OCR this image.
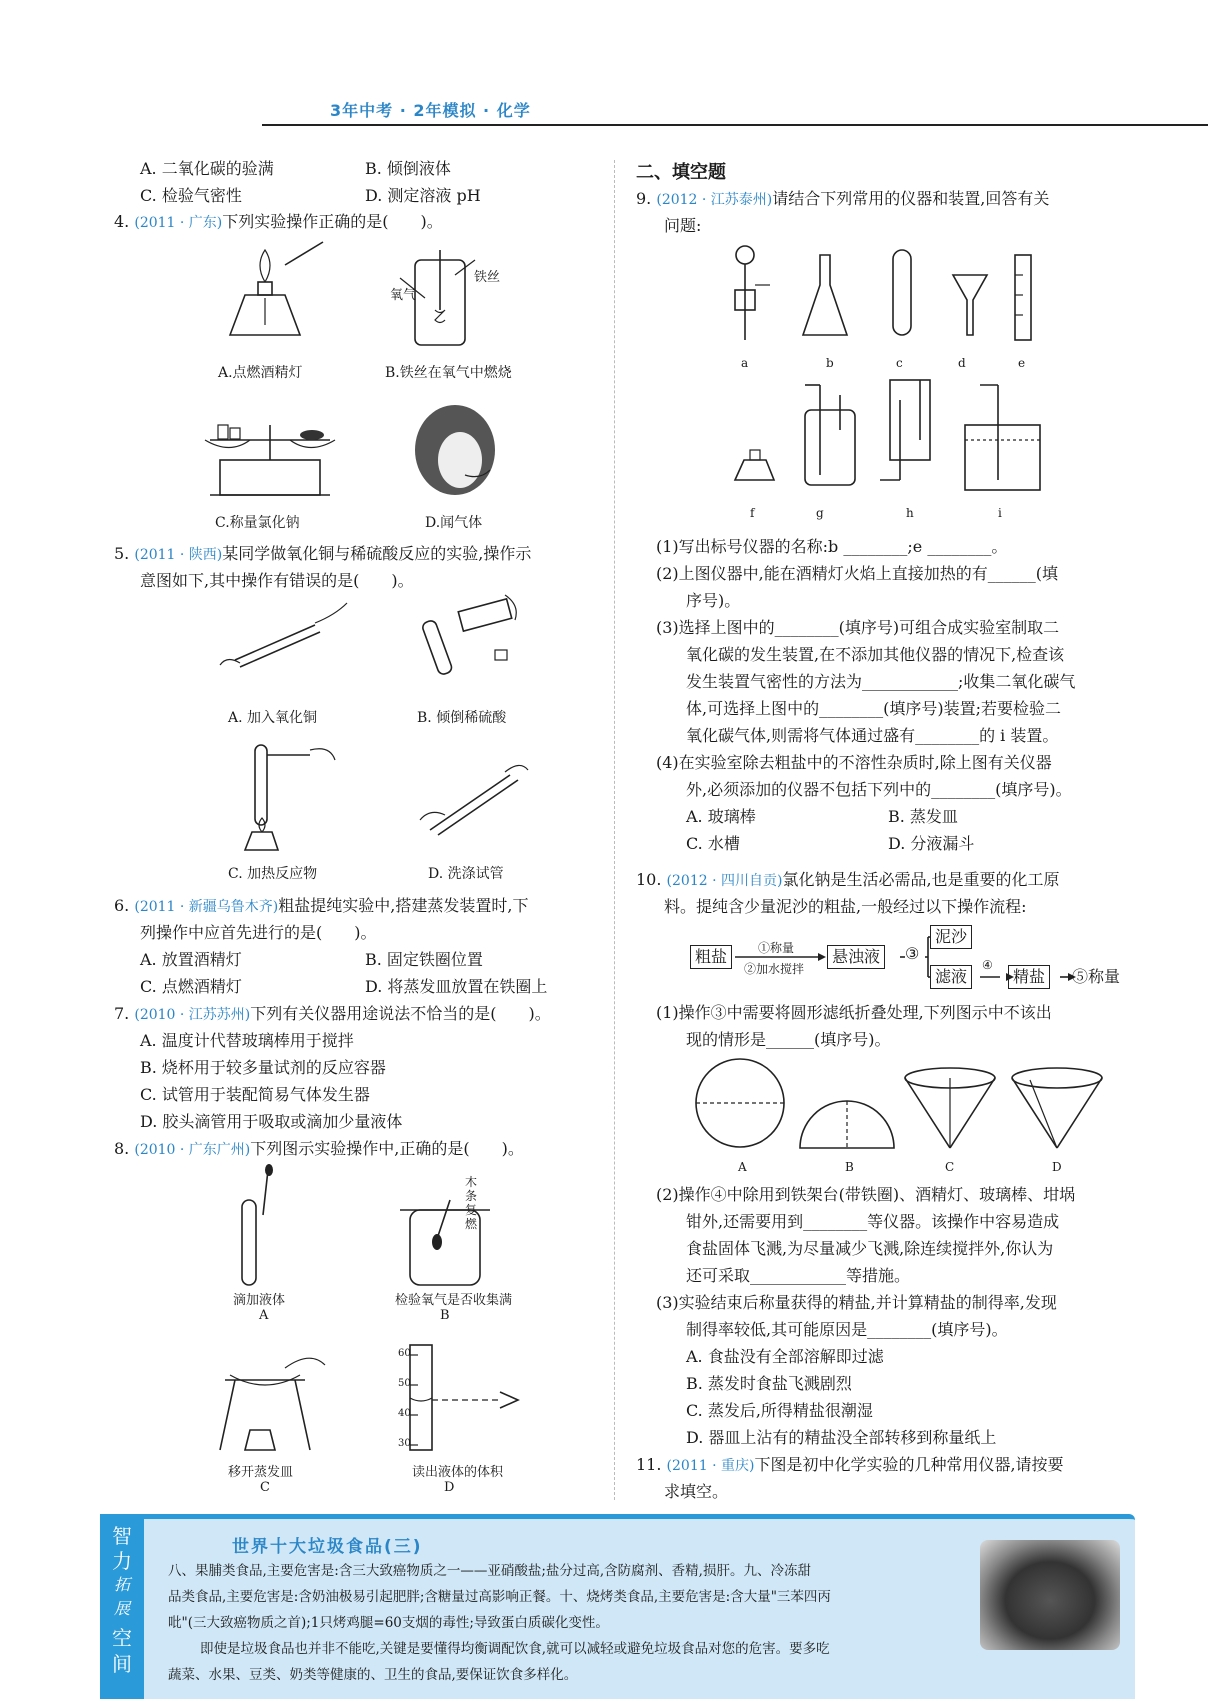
3年中考 · 2年模拟 · 化学
A. 二氧化碳的验满	B. 倾倒液体
C. 检验气密性	D. 测定溶液 pH
4. (2011 · 广东)下列实验操作正确的是(　　)。
氧气
铁丝
A.点燃酒精灯	B.铁丝在氧气中燃烧
C.称量氯化钠	D.闻气体
5. (2011 · 陕西)某同学做氧化铜与稀硫酸反应的实验,操作示
意图如下,其中操作有错误的是(　　)。
A. 加入氧化铜	B. 倾倒稀硫酸
C. 加热反应物	D. 洗涤试管
6. (2011 · 新疆乌鲁木齐)粗盐提纯实验中,搭建蒸发装置时,下
列操作中应首先进行的是(　　)。
A. 放置酒精灯	B. 固定铁圈位置
C. 点燃酒精灯	D. 将蒸发皿放置在铁圈上
7. (2010 · 江苏苏州)下列有关仪器用途说法不恰当的是(　　)。
A. 温度计代替玻璃棒用于搅拌
B. 烧杯用于较多量试剂的反应容器
C. 试管用于装配简易气体发生器
D. 胶头滴管用于吸取或滴加少量液体
8. (2010 · 广东广州)下列图示实验操作中,正确的是(　　)。
木条复燃
滴加液体
A
检验氧气是否收集满
B
60
50
40
30
移开蒸发皿
C
读出液体的体积
D
二、填空题
9. (2012 · 江苏泰州)请结合下列常用的仪器和装置,回答有关
问题:
a	b	c	d	e
f	g	h	i
(1)写出标号仪器的名称:b ________;e ________。
(2)上图仪器中,能在酒精灯火焰上直接加热的有______(填
序号)。
(3)选择上图中的________(填序号)可组合成实验室制取二
氧化碳的发生装置,在不添加其他仪器的情况下,检查该
发生装置气密性的方法为____________;收集二氧化碳气
体,可选择上图中的________(填序号)装置;若要检验二
氧化碳气体,则需将气体通过盛有________的 i 装置。
(4)在实验室除去粗盐中的不溶性杂质时,除上图有关仪器
外,必须添加的仪器不包括下列中的________(填序号)。
A. 玻璃棒	B. 蒸发皿
C. 水槽	D. 分液漏斗
10. (2012 · 四川自贡)氯化钠是生活必需品,也是重要的化工原
料。提纯含少量泥沙的粗盐,一般经过以下操作流程:
粗盐	①称量
②加水搅拌
悬浊液	③
泥沙
滤液
④
精盐	⑤称量
(1)操作③中需要将圆形滤纸折叠处理,下列图示中不该出
现的情形是______(填序号)。
A	B	C	D
(2)操作④中除用到铁架台(带铁圈)、酒精灯、玻璃棒、坩埚
钳外,还需要用到________等仪器。该操作中容易造成
食盐固体飞溅,为尽量减少飞溅,除连续搅拌外,你认为
还可采取____________等措施。
(3)实验结束后称量获得的精盐,并计算精盐的制得率,发现
制得率较低,其可能原因是________(填序号)。
A. 食盐没有全部溶解即过滤
B. 蒸发时食盐飞溅剧烈
C. 蒸发后,所得精盐很潮湿
D. 器皿上沾有的精盐没全部转移到称量纸上
11. (2011 · 重庆)下图是初中化学实验的几种常用仪器,请按要
求填空。
智
力
拓
展
空
间
世界十大垃圾食品(三)
八、果脯类食品,主要危害是:含三大致癌物质之一——亚硝酸盐;盐分过高,含防腐剂、香精,损肝。九、冷冻甜
品类食品,主要危害是:含奶油极易引起肥胖;含糖量过高影响正餐。十、烧烤类食品,主要危害是:含大量"三苯四丙
吡"(三大致癌物质之首);1只烤鸡腿=60支烟的毒性;导致蛋白质碳化变性。
即使是垃圾食品也并非不能吃,关键是要懂得均衡调配饮食,就可以减轻或避免垃圾食品对您的危害。要多吃
蔬菜、水果、豆类、奶类等健康的、卫生的食品,要保证饮食多样化。
